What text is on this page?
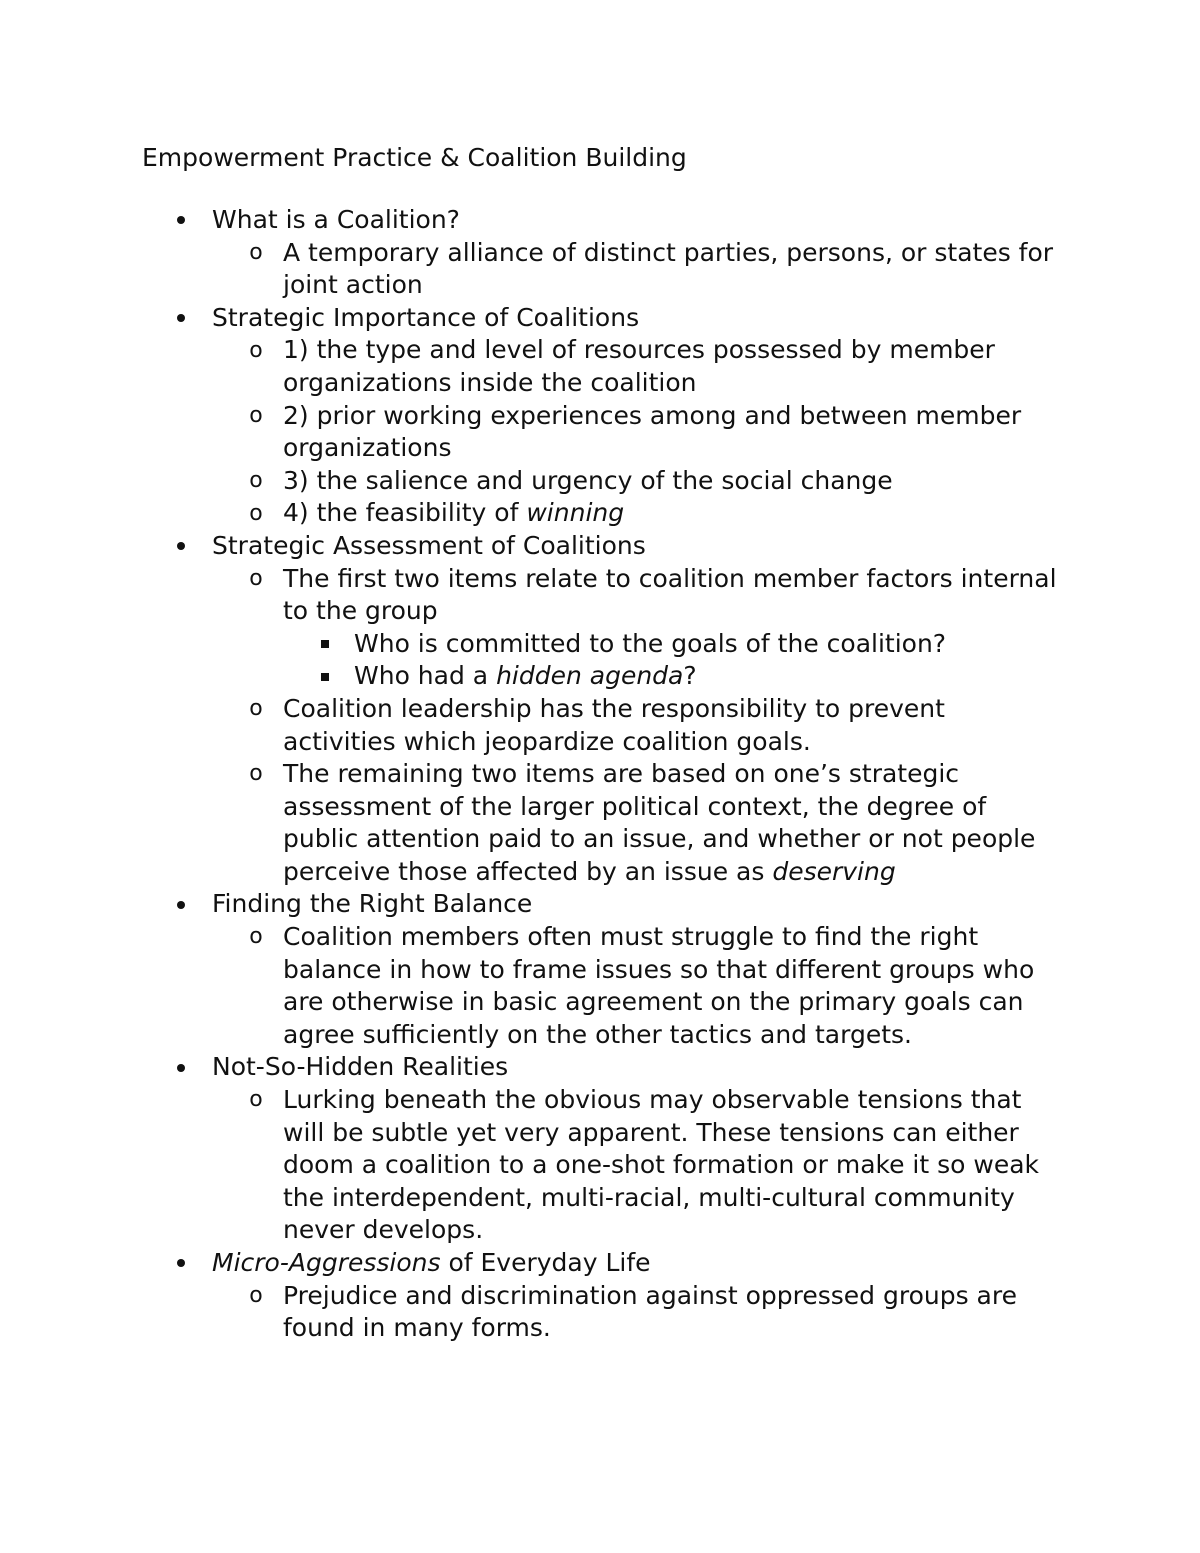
Empowerment Practice & Coalition Building
What is a Coalition?
o A temporary alliance of distinct parties, persons, or states for joint action
Strategic Importance of Coalitions
o 1) the type and level of resources possessed by member organizations inside the coalition
o 2) prior working experiences among and between member organizations
o 3) the salience and urgency of the social change
o 4) the feasibility of winning
Strategic Assessment of Coalitions
o The first two items relate to coalition member factors internal to the group
Who is committed to the goals of the coalition?
Who had a hidden agenda?
o Coalition leadership has the responsibility to prevent activities which jeopardize coalition goals.
o The remaining two items are based on one’s strategic assessment of the larger political context, the degree of public attention paid to an issue, and whether or not people perceive those affected by an issue as deserving
Finding the Right Balance
o Coalition members often must struggle to find the right balance in how to frame issues so that different groups who are otherwise in basic agreement on the primary goals can agree sufficiently on the other tactics and targets.
Not-So-Hidden Realities
o Lurking beneath the obvious may observable tensions that will be subtle yet very apparent. These tensions can either doom a coalition to a one-shot formation or make it so weak the interdependent, multi-racial, multi-cultural community never develops.
Micro-Aggressions of Everyday Life
o Prejudice and discrimination against oppressed groups are found in many forms.
